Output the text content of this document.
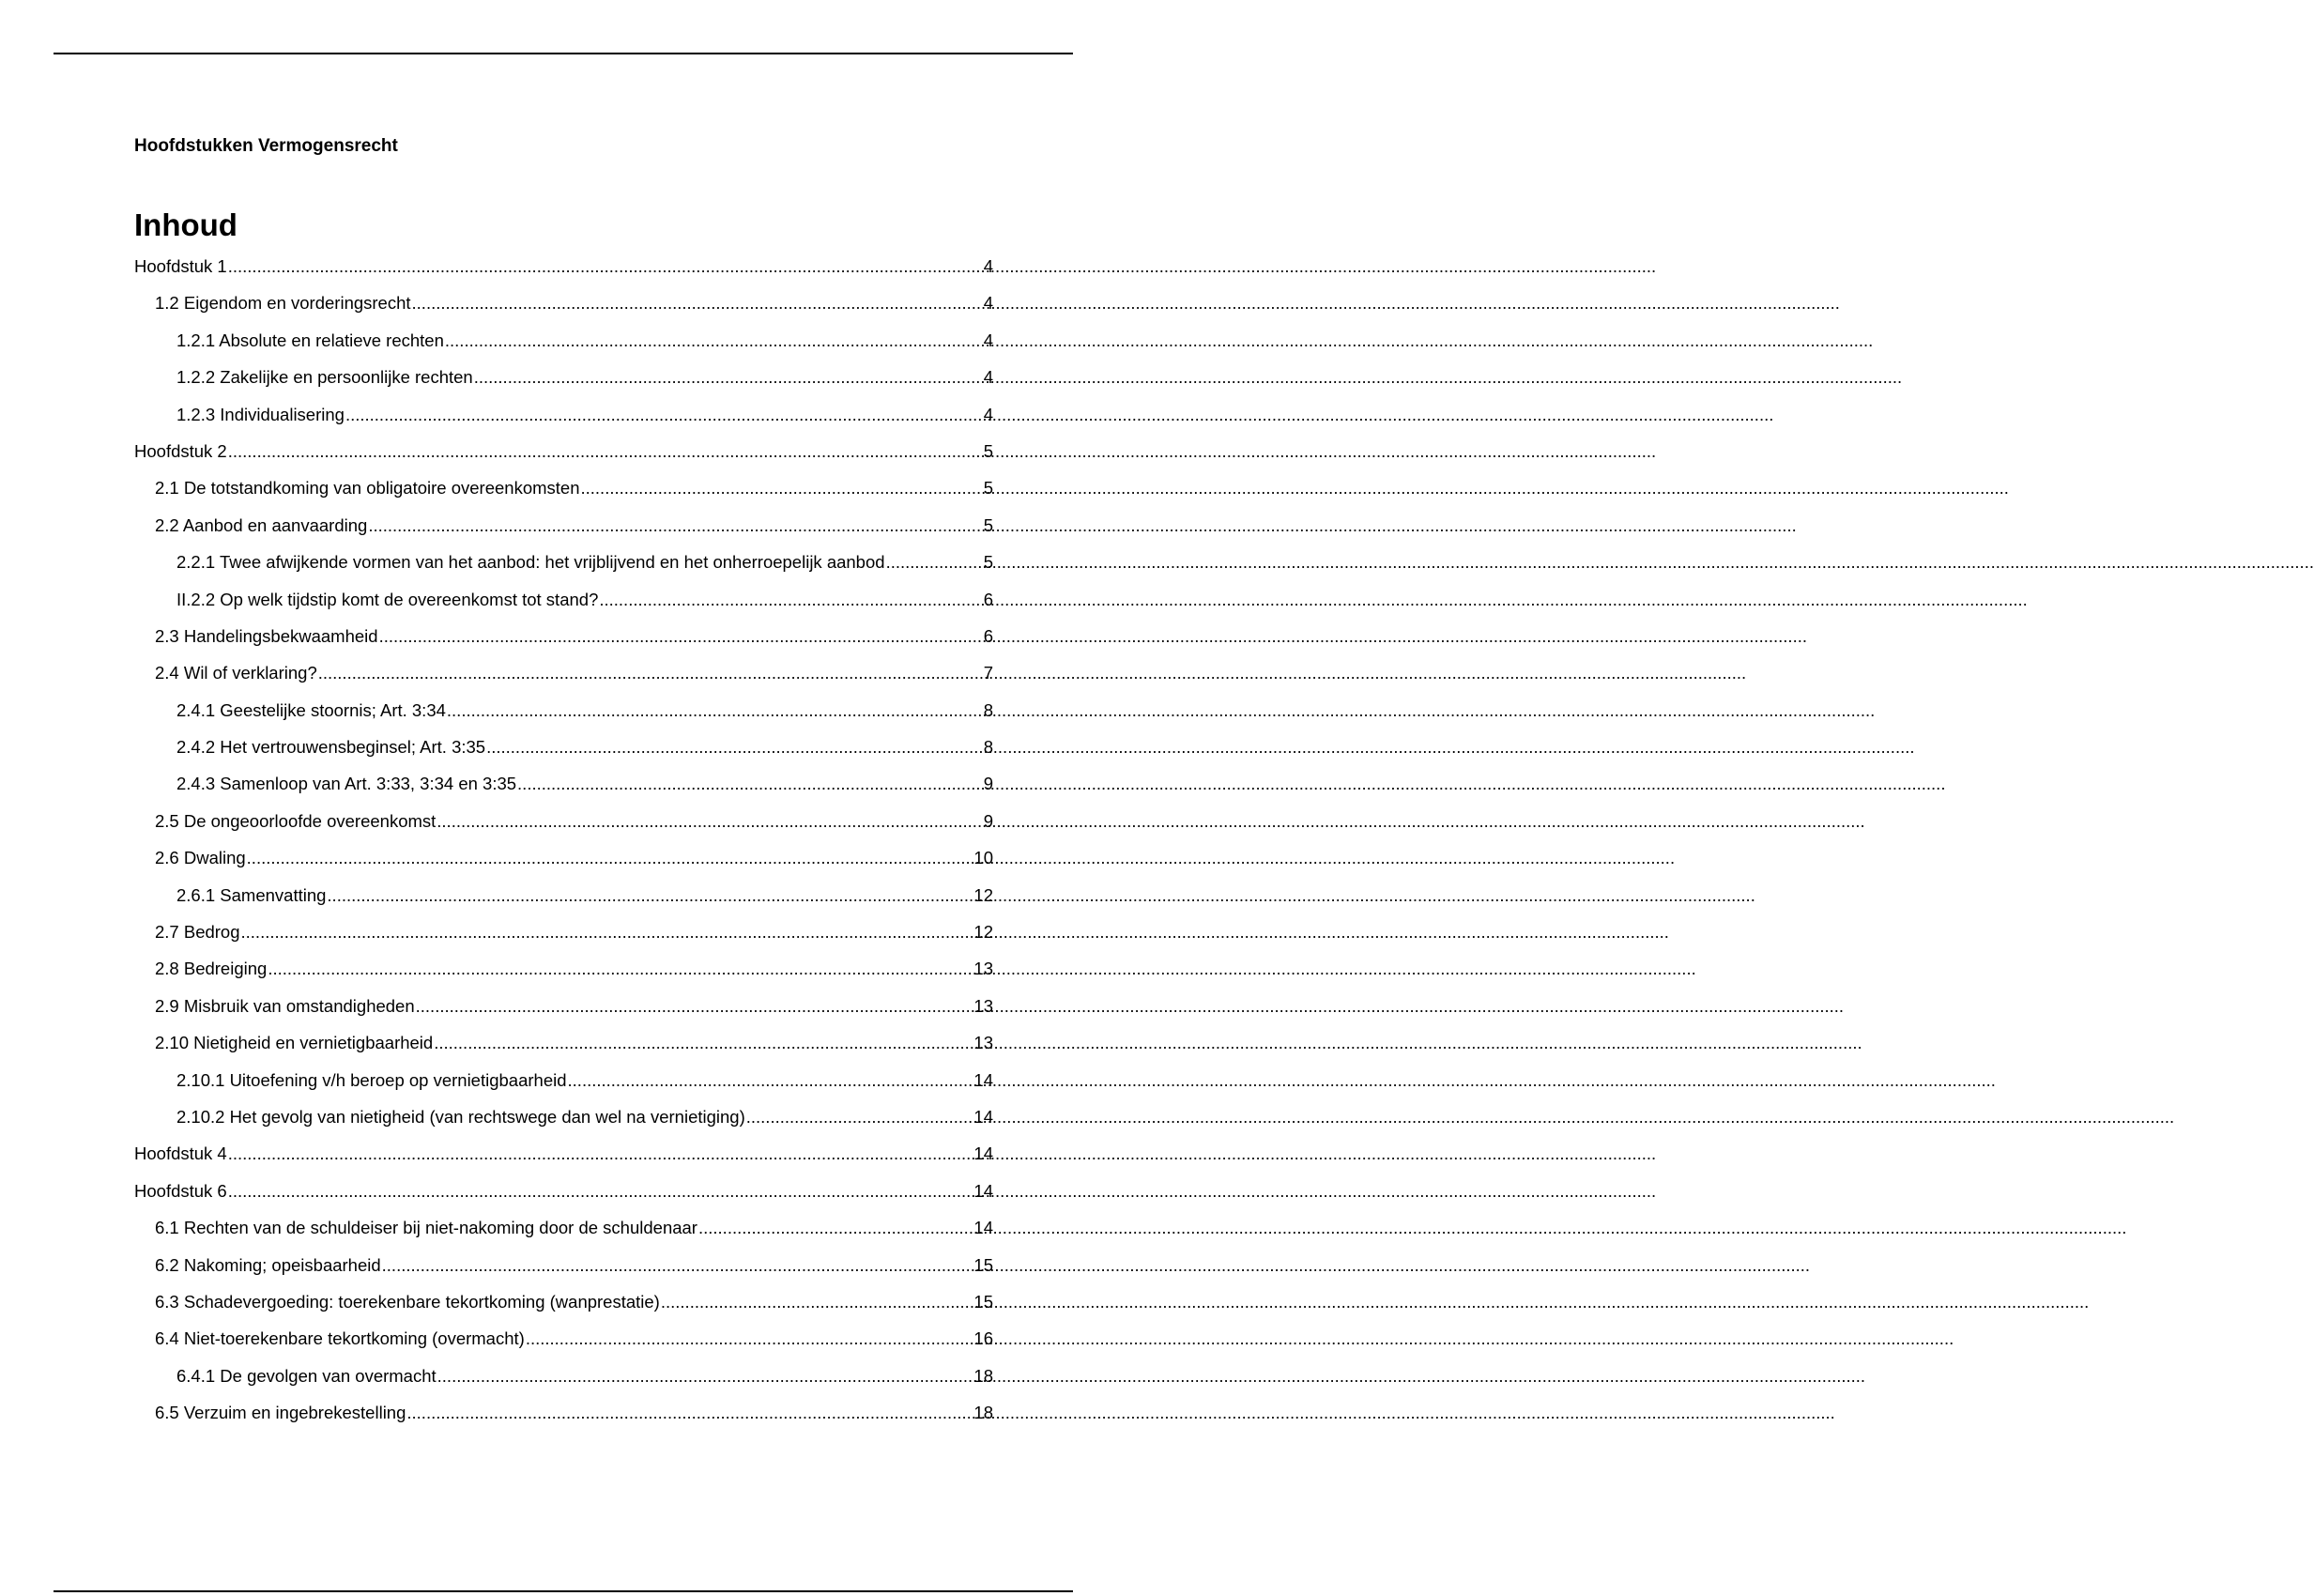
Hoofdstukken Vermogensrecht

Inhoud
Hoofdstuk 1 .....	4
1.2 Eigendom en vorderingsrecht .....	4
1.2.1 Absolute en relatieve rechten .....	4
1.2.2 Zakelijke en persoonlijke rechten .....	4
1.2.3 Individualisering .....	4
Hoofdstuk 2 .....	5
2.1 De totstandkoming van obligatoire overeenkomsten .....	5
2.2 Aanbod en aanvaarding .....	5
2.2.1 Twee afwijkende vormen van het aanbod: het vrijblijvend en het onherroepelijk aanbod .....	5
II.2.2 Op welk tijdstip komt de overeenkomst tot stand? .....	6
2.3 Handelingsbekwaamheid .....	6
2.4 Wil of verklaring? .....	7
2.4.1 Geestelijke stoornis; Art. 3:34 .....	8
2.4.2 Het vertrouwensbeginsel; Art. 3:35 .....	8
2.4.3 Samenloop van Art. 3:33, 3:34 en 3:35 .....	9
2.5 De ongeoorloofde overeenkomst .....	9
2.6 Dwaling .....	10
2.6.1 Samenvatting .....	12
2.7 Bedrog .....	12
2.8 Bedreiging .....	13
2.9 Misbruik van omstandigheden .....	13
2.10 Nietigheid en vernietigbaarheid .....	13
2.10.1 Uitoefening v/h beroep op vernietigbaarheid .....	14
2.10.2 Het gevolg van nietigheid (van rechtswege dan wel na vernietiging) .....	14
Hoofdstuk 4 .....	14
Hoofdstuk 6 .....	14
6.1 Rechten van de schuldeiser bij niet-nakoming door de schuldenaar .....	14
6.2 Nakoming; opeisbaarheid .....	15
6.3 Schadevergoeding: toerekenbare tekortkoming (wanprestatie) .....	15
6.4 Niet-toerekenbare tekortkoming (overmacht) .....	16
6.4.1 De gevolgen van overmacht .....	18
6.5 Verzuim en ingebrekestelling .....	18
